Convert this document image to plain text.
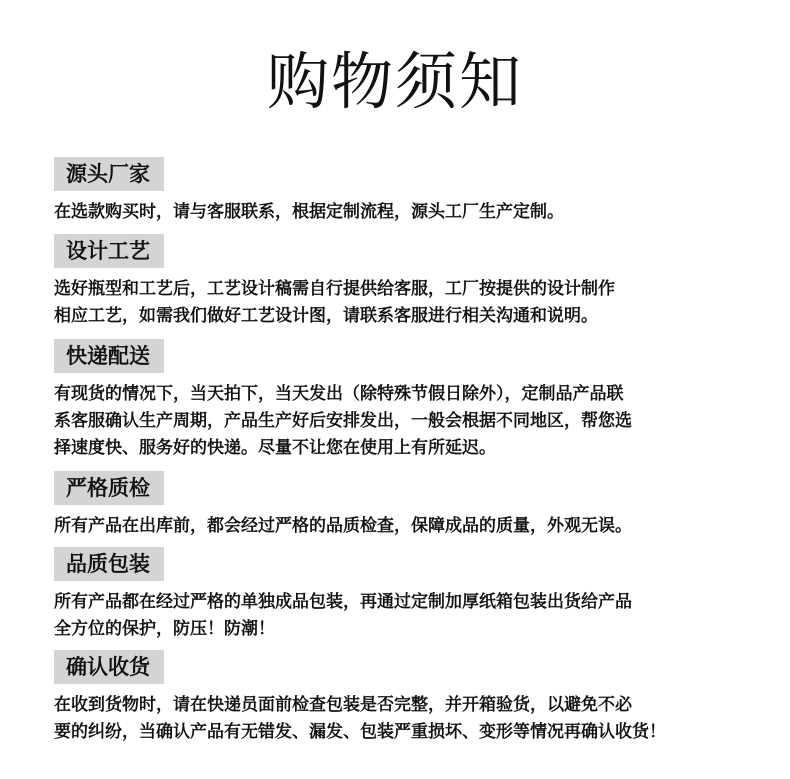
购物须知
源头厂家
在选款购买时，请与客服联系，根据定制流程，源头工厂生产定制。
设计工艺
选好瓶型和工艺后，工艺设计稿需自行提供给客服，工厂按提供的设计制作
相应工艺，如需我们做好工艺设计图，请联系客服进行相关沟通和说明。
快递配送
有现货的情况下，当天拍下，当天发出（除特殊节假日除外），定制品产品联
系客服确认生产周期，产品生产好后安排发出，一般会根据不同地区，帮您选
择速度快、服务好的快递。尽量不让您在使用上有所延迟。
严格质检
所有产品在出库前，都会经过严格的品质检查，保障成品的质量，外观无误。
品质包装
所有产品都在经过严格的单独成品包装，再通过定制加厚纸箱包装出货给产品
全方位的保护，防压！防潮！
确认收货
在收到货物时，请在快递员面前检查包装是否完整，并开箱验货，以避免不必
要的纠纷，当确认产品有无错发、漏发、包装严重损坏、变形等情况再确认收货！
